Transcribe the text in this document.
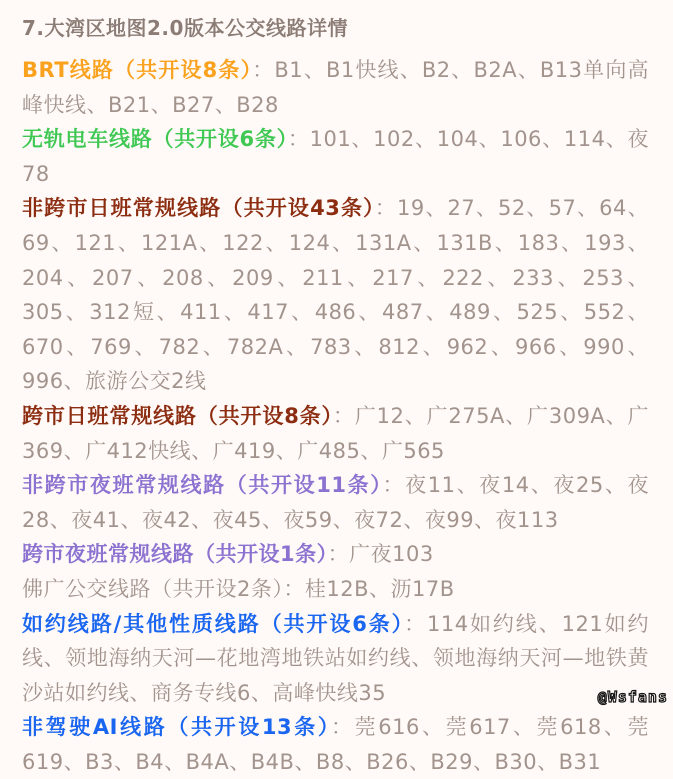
7.大湾区地图2.0版本公交线路详情

BRT线路（共开设8条）：B1、B1快线、B2、B2A、B13单向高峰快线、B21、B27、B28

无轨电车线路（共开设6条）：101、102、104、106、114、夜78

非跨市日班常规线路（共开设43条）：19、27、52、57、64、69、121、121A、122、124、131A、131B、183、193、204、207、208、209、211、217、222、233、253、305、312短、411、417、486、487、489、525、552、670、769、782、782A、783、812、962、966、990、996、旅游公交2线

跨市日班常规线路（共开设8条）：广12、广275A、广309A、广369、广412快线、广419、广485、广565

非跨市夜班常规线路（共开设11条）：夜11、夜14、夜25、夜28、夜41、夜42、夜45、夜59、夜72、夜99、夜113

跨市夜班常规线路（共开设1条）：广夜103

佛广公交线路（共开设2条）：桂12B、沥17B

如约线路/其他性质线路（共开设6条）：114如约线、121如约线、领地海纳天河—花地湾地铁站如约线、领地海纳天河—地铁黄沙站如约线、商务专线6、高峰快线35

非驾驶AI线路（共开设13条）：莞616、莞617、莞618、莞619、B3、B4、B4A、B4B、B8、B26、B29、B30、B31

@Wsfans
